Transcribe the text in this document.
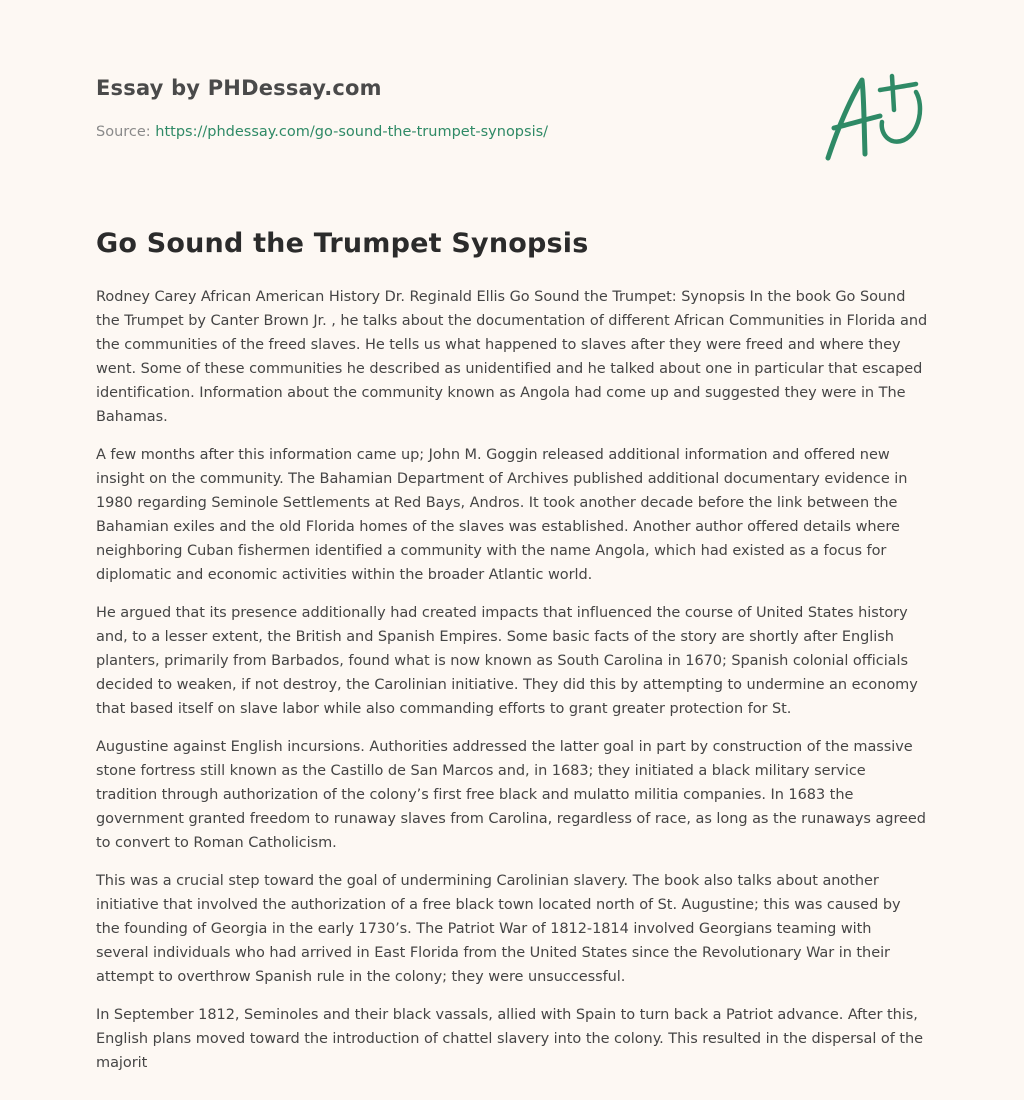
Essay by PHDessay.com

Source: https://phdessay.com/go-sound-the-trumpet-synopsis/

Go Sound the Trumpet Synopsis

Rodney Carey African American History Dr. Reginald Ellis Go Sound the Trumpet: Synopsis In the book Go Sound the Trumpet by Canter Brown Jr. , he talks about the documentation of different African Communities in Florida and the communities of the freed slaves. He tells us what happened to slaves after they were freed and where they went. Some of these communities he described as unidentified and he talked about one in particular that escaped identification. Information about the community known as Angola had come up and suggested they were in The Bahamas.

A few months after this information came up; John M. Goggin released additional information and offered new insight on the community. The Bahamian Department of Archives published additional documentary evidence in 1980 regarding Seminole Settlements at Red Bays, Andros. It took another decade before the link between the Bahamian exiles and the old Florida homes of the slaves was established. Another author offered details where neighboring Cuban fishermen identified a community with the name Angola, which had existed as a focus for diplomatic and economic activities within the broader Atlantic world.

He argued that its presence additionally had created impacts that influenced the course of United States history and, to a lesser extent, the British and Spanish Empires. Some basic facts of the story are shortly after English planters, primarily from Barbados, found what is now known as South Carolina in 1670; Spanish colonial officials decided to weaken, if not destroy, the Carolinian initiative. They did this by attempting to undermine an economy that based itself on slave labor while also commanding efforts to grant greater protection for St.

Augustine against English incursions. Authorities addressed the latter goal in part by construction of the massive stone fortress still known as the Castillo de San Marcos and, in 1683; they initiated a black military service tradition through authorization of the colony’s first free black and mulatto militia companies. In 1683 the government granted freedom to runaway slaves from Carolina, regardless of race, as long as the runaways agreed to convert to Roman Catholicism.

This was a crucial step toward the goal of undermining Carolinian slavery. The book also talks about another initiative that involved the authorization of a free black town located north of St. Augustine; this was caused by the founding of Georgia in the early 1730’s. The Patriot War of 1812-1814 involved Georgians teaming with several individuals who had arrived in East Florida from the United States since the Revolutionary War in their attempt to overthrow Spanish rule in the colony; they were unsuccessful.

In September 1812, Seminoles and their black vassals, allied with Spain to turn back a Patriot advance. After this, English plans moved toward the introduction of chattel slavery into the colony. This resulted in the dispersal of the majorit
